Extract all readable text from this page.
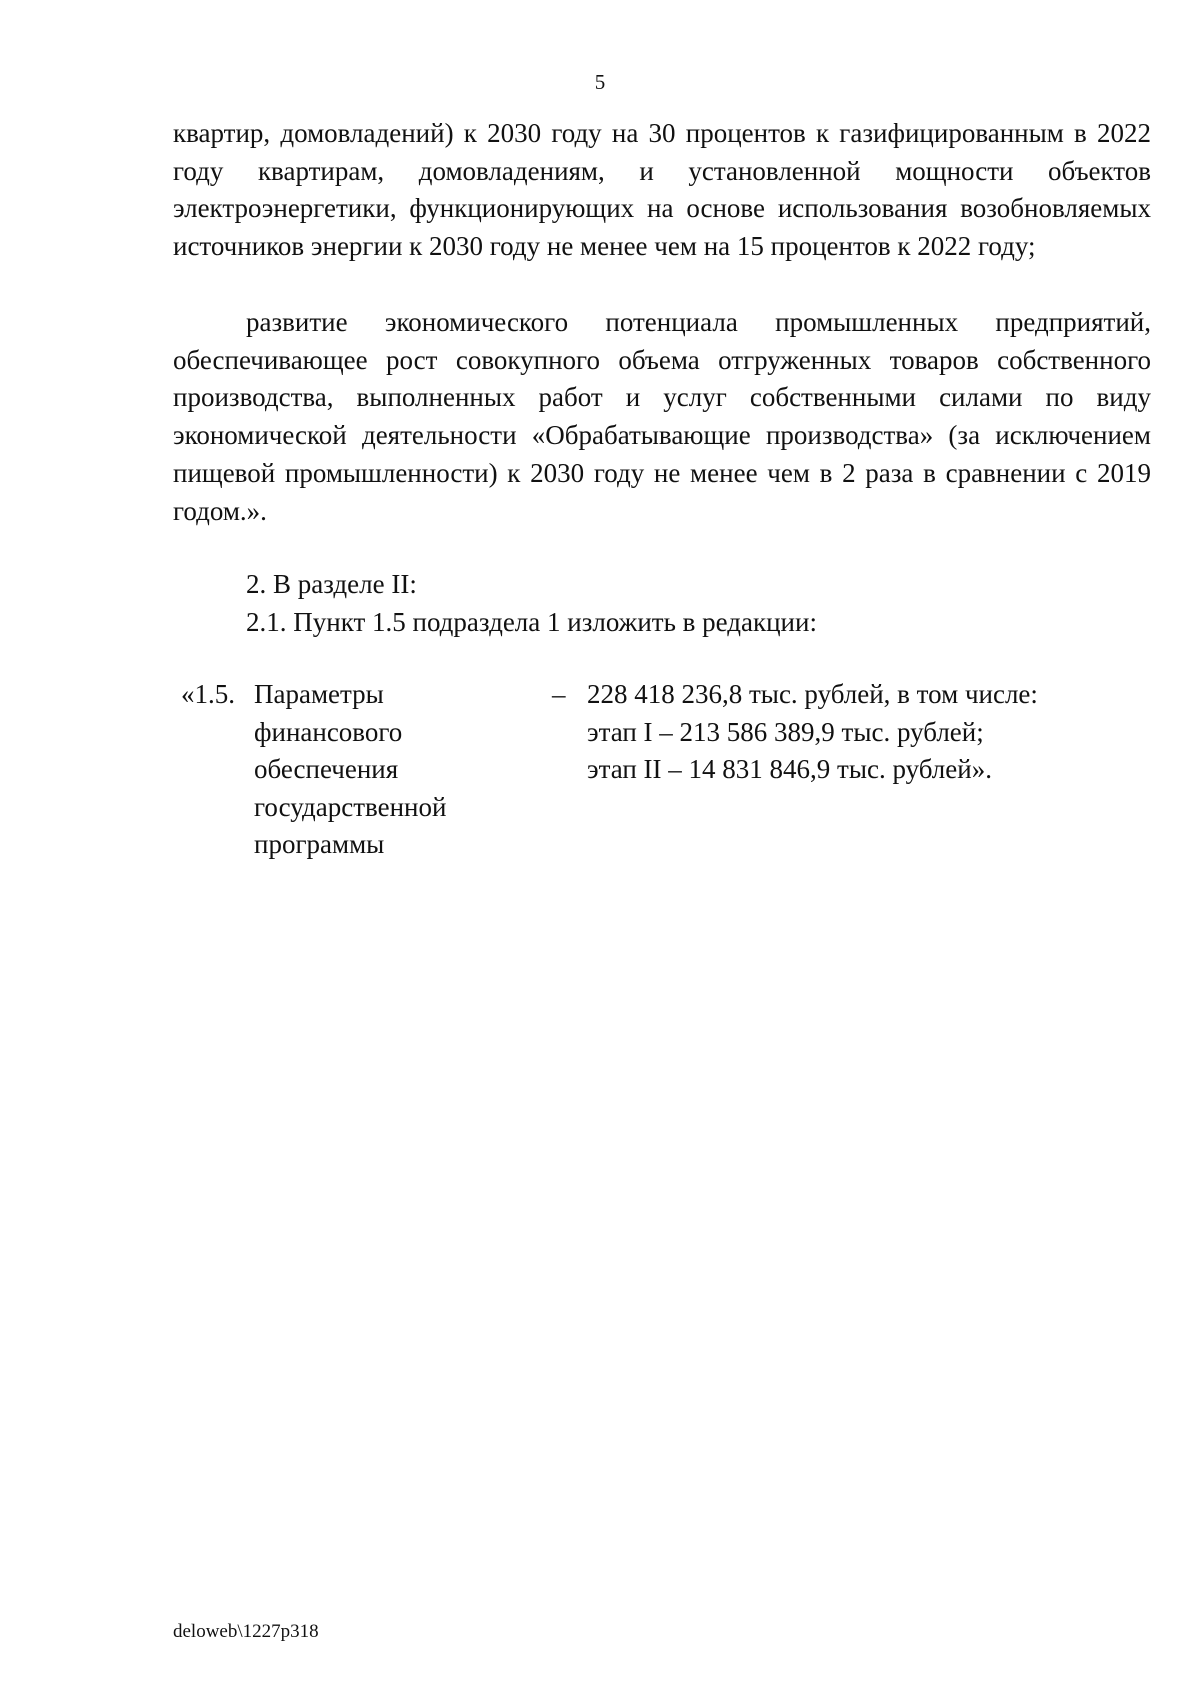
5
квартир, домовладений) к 2030 году на 30 процентов к газифицированным в 2022 году квартирам, домовладениям, и установленной мощности объектов электроэнергетики, функционирующих на основе использования возобновляемых источников энергии к 2030 году не менее чем на 15 процентов к 2022 году;
развитие экономического потенциала промышленных предприятий, обеспечивающее рост совокупного объема отгруженных товаров собственного производства, выполненных работ и услуг собственными силами по виду экономической деятельности «Обрабатывающие производства» (за исключением пищевой промышленности) к 2030 году не менее чем в 2 раза в сравнении с 2019 годом.».
2. В разделе II:
2.1. Пункт 1.5 подраздела 1 изложить в редакции:
«1.5. Параметры финансового обеспечения государственной программы
– 228 418 236,8 тыс. рублей, в том числе:
этап I – 213 586 389,9 тыс. рублей;
этап II – 14 831 846,9 тыс. рублей».
deloweb\1227р318
